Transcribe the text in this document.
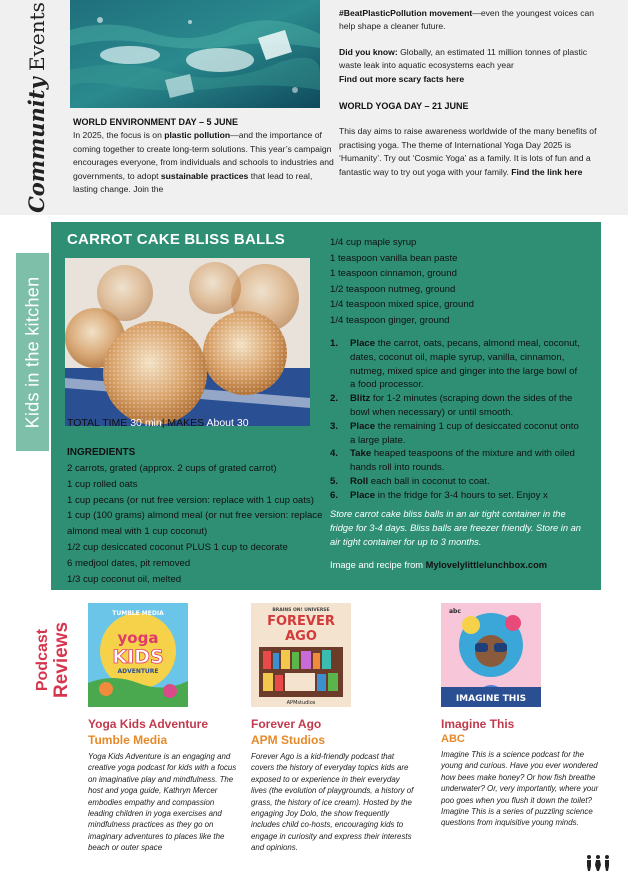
Community Events
WORLD ENVIRONMENT DAY – 5 JUNE

In 2025, the focus is on plastic pollution—and the importance of coming together to create long-term solutions. This year’s campaign encourages everyone, from individuals and schools to industries and governments, to adopt sustainable practices that lead to real, lasting change. Join the

#BeatPlasticPollution movement—even the youngest voices can help shape a cleaner future.

Did you know: Globally, an estimated 11 million tonnes of plastic waste leak into aquatic ecosystems each year

Find out more scary facts here

WORLD YOGA DAY – 21 JUNE

This day aims to raise awareness worldwide of the many benefits of practising yoga. The theme of International Yoga Day 2025 is ‘Humanity’. Try out ‘Cosmic Yoga’ as a family. It is lots of fun and a fantastic way to try out yoga with your family. Find the link here

Kids in the kitchen
CARROT CAKE BLISS BALLS
TOTAL TIME 30 min| MAKES About 30
INGREDIENTS
2 carrots, grated (approx. 2 cups of grated carrot)
1 cup rolled oats
1 cup pecans (or nut free version: replace with 1 cup oats)
1 cup (100 grams) almond meal (or nut free version: replace almond meal with 1 cup coconut)
1/2 cup desiccated coconut PLUS 1 cup to decorate
6 medjool dates, pit removed
1/3 cup coconut oil, melted
1/4 cup maple syrup
1 teaspoon vanilla bean paste
1 teaspoon cinnamon, ground
1/2 teaspoon nutmeg, ground
1/4 teaspoon mixed spice, ground
1/4 teaspoon ginger, ground
1. Place the carrot, oats, pecans, almond meal, coconut, dates, coconut oil, maple syrup, vanilla, cinnamon, nutmeg, mixed spice and ginger into the large bowl of a food processor.
2. Blitz for 1-2 minutes (scraping down the sides of the bowl when necessary) or until smooth.
3. Place the remaining 1 cup of desiccated coconut onto a large plate.
4. Take heaped teaspoons of the mixture and with oiled hands roll into rounds.
5. Roll each ball in coconut to coat.
6. Place in the fridge for 3-4 hours to set. Enjoy x
Store carrot cake bliss balls in an air tight container in the fridge for 3-4 days. Bliss balls are freezer friendly. Store in an air tight container for up to 3 months.
Image and recipe from Mylovelylittlelunchbox.com
Podcast Reviews
TUMBLE MEDIA
yoga
KIDS
ADVENTURE
Yoga Kids Adventure
Tumble Media
Yoga Kids Adventure is an engaging and creative yoga podcast for kids with a focus on imaginative play and mindfulness. The host and yoga guide, Kathryn Mercer embodies empathy and compassion leading children in yoga exercises and mindfulness practices as they go on imaginary adventures to places like the beach or outer space
BRAINS ON! UNIVERSE
FOREVER
AGO
APMstudios
Forever Ago
APM Studios
Forever Ago is a kid-friendly podcast that covers the history of everyday topics kids are exposed to or experience in their everyday lives (the evolution of playgrounds, a history of grass, the history of ice cream). Hosted by the engaging Joy Dolo, the show frequently includes child co-hosts, encouraging kids to engage in curiosity and express their interests and opinions.
abc
IMAGINE THIS
Imagine This
ABC
Imagine This is a science podcast for the young and curious. Have you ever wondered how bees make honey? Or how fish breathe underwater? Or, very importantly, where your poo goes when you flush it down the toilet? Imagine This is a series of puzzling science questions from inquisitive young minds.
